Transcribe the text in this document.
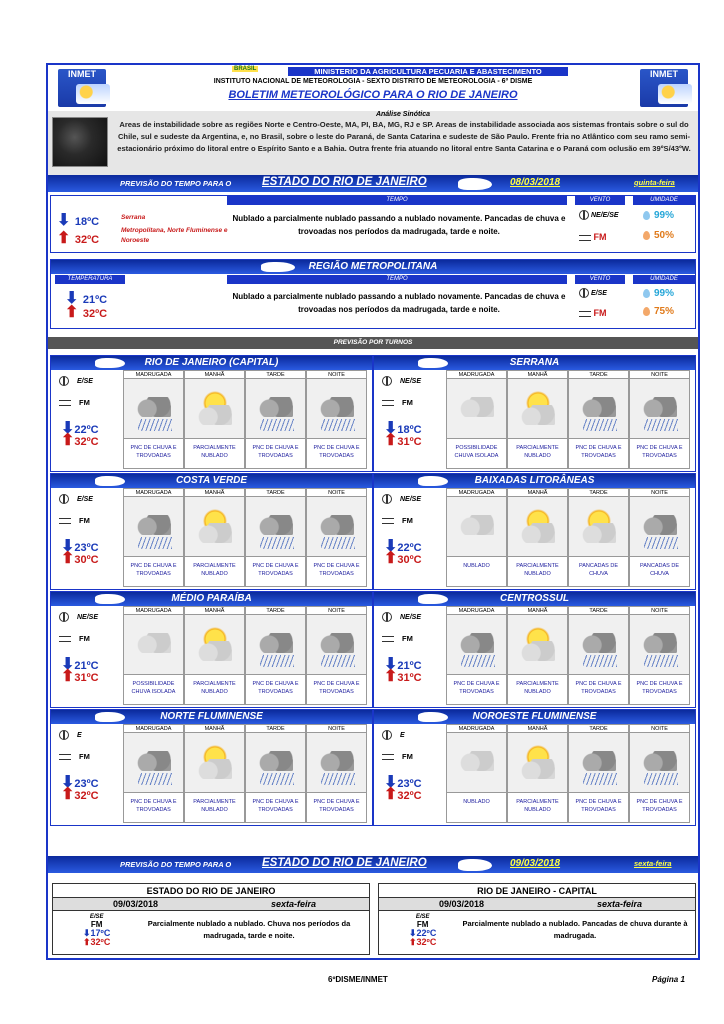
INMET	INMET
BRASIL	MINISTERIO DA AGRICULTURA PECUARIA E ABASTECIMENTO
INSTITUTO NACIONAL DE METEOROLOGIA - SEXTO DISTRITO DE METEOROLOGIA - 6º DISME
BOLETIM METEOROLÓGICO PARA O RIO DE JANEIRO
Análise Sinótica
Areas de instabilidade sobre as regiões Norte e Centro-Oeste, MA, PI, BA, MG, RJ e SP. Areas de instabilidade associada aos sistemas frontais sobre o sul do Chile, sul e sudeste da Argentina, e, no Brasil, sobre o leste do Paraná, de Santa Catarina e sudeste de São Paulo. Frente fria no Atlântico com seu ramo semi-estacionário próximo do litoral entre o Espírito Santo e a Bahia. Outra frente fria atuando no litoral entre Santa Catarina e o Paraná com oclusão em 39ºS/43ºW.
PREVISÃO DO TEMPO PARA O	ESTADO DO RIO DE JANEIRO	08/03/2018	quinta-feira
TEMPO	VENTO	UMIDADE
⬇ 18ºC
⬆ 32ºC
Serrana
Metropolitana, Norte Fluminense e Noroeste
Nublado a parcialmente nublado passando a nublado novamente. Pancadas de chuva e trovoadas nos períodos da madrugada, tarde e noite.
NE/E/SE
FM
99%
50%
REGIÃO METROPOLITANA
TEMPERATURA	TEMPO	VENTO	UMIDADE
⬇ 21ºC
⬆ 32ºC
Nublado a parcialmente nublado passando a nublado novamente. Pancadas de chuva e trovoadas nos períodos da madrugada, tarde e noite.
E/SE
FM
99%
75%
PREVISÃO POR TURNOS
RIO DE JANEIRO (CAPITAL)
E/SE
FM
⬇22ºC
⬆32ºC
MADRUGADA
PNC DE CHUVA E TROVOADAS
MANHÃ
PARCIALMENTE NUBLADO
TARDE
PNC DE CHUVA E TROVOADAS
NOITE
PNC DE CHUVA E TROVOADAS
SERRANA
NE/SE
FM
⬇18ºC
⬆31ºC
MADRUGADA
POSSIBILIDADE CHUVA ISOLADA
MANHÃ
PARCIALMENTE NUBLADO
TARDE
PNC DE CHUVA E TROVOADAS
NOITE
PNC DE CHUVA E TROVOADAS
COSTA VERDE
E/SE
FM
⬇23ºC
⬆30ºC
MADRUGADA
PNC DE CHUVA E TROVOADAS
MANHÃ
PARCIALMENTE NUBLADO
TARDE
PNC DE CHUVA E TROVOADAS
NOITE
PNC DE CHUVA E TROVOADAS
BAIXADAS LITORÂNEAS
NE/SE
FM
⬇22ºC
⬆30ºC
MADRUGADA
NUBLADO
MANHÃ
PARCIALMENTE NUBLADO
TARDE
PANCADAS DE CHUVA
NOITE
PANCADAS DE CHUVA
MÉDIO PARAÍBA
NE/SE
FM
⬇21ºC
⬆31ºC
MADRUGADA
POSSIBILIDADE CHUVA ISOLADA
MANHÃ
PARCIALMENTE NUBLADO
TARDE
PNC DE CHUVA E TROVOADAS
NOITE
PNC DE CHUVA E TROVOADAS
CENTROSSUL
NE/SE
FM
⬇21ºC
⬆31ºC
MADRUGADA
PNC DE CHUVA E TROVOADAS
MANHÃ
PARCIALMENTE NUBLADO
TARDE
PNC DE CHUVA E TROVOADAS
NOITE
PNC DE CHUVA E TROVOADAS
NORTE FLUMINENSE
E
FM
⬇23ºC
⬆32ºC
MADRUGADA
PNC DE CHUVA E TROVOADAS
MANHÃ
PARCIALMENTE NUBLADO
TARDE
PNC DE CHUVA E TROVOADAS
NOITE
PNC DE CHUVA E TROVOADAS
NOROESTE FLUMINENSE
E
FM
⬇23ºC
⬆32ºC
MADRUGADA
NUBLADO
MANHÃ
PARCIALMENTE NUBLADO
TARDE
PNC DE CHUVA E TROVOADAS
NOITE
PNC DE CHUVA E TROVOADAS
PREVISÃO DO TEMPO PARA O	ESTADO DO RIO DE JANEIRO	09/03/2018	sexta-feira
ESTADO DO RIO DE JANEIRO
09/03/2018	sexta-feira
E/SE
FM
⬇17ºC
⬆32ºC
Parcialmente nublado a nublado. Chuva nos períodos da madrugada, tarde e noite.
RIO DE JANEIRO - CAPITAL
09/03/2018	sexta-feira
E/SE
FM
⬇22ºC
⬆32ºC
Parcialmente nublado a nublado. Pancadas de chuva durante à madrugada.
6ºDISME/INMET	Página 1
